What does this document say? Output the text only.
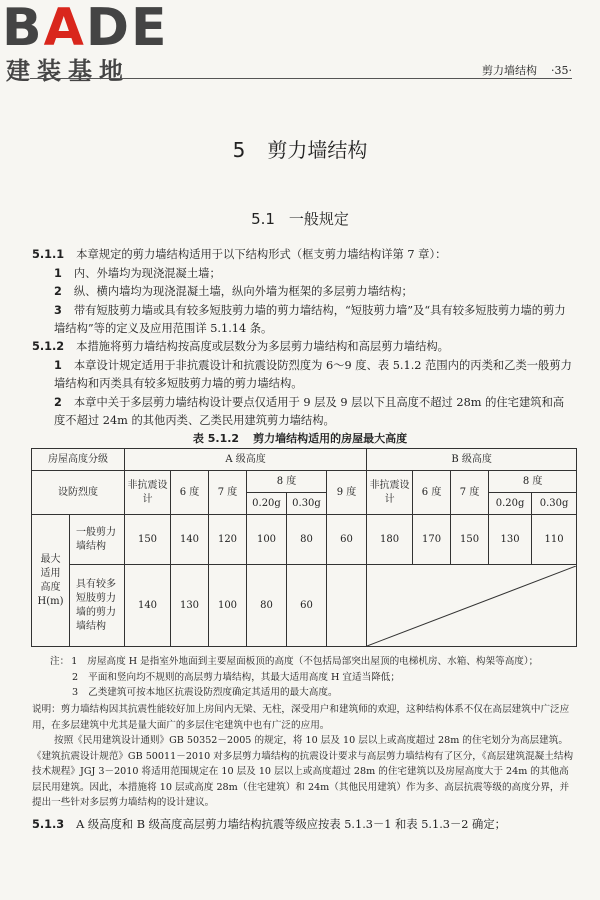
BADE
建装基地	剪力墙结构 ·35·
5 剪力墙结构
5.1 一般规定
5.1.1 本章规定的剪力墙结构适用于以下结构形式（框支剪力墙结构详第 7 章）：
1 内、外墙均为现浇混凝土墙；
2 纵、横内墙均为现浇混凝土墙，纵向外墙为框架的多层剪力墙结构；
3 带有短肢剪力墙或具有较多短肢剪力墙的剪力墙结构，“短肢剪力墙”及“具有较多短肢剪力墙的剪力墙结构”等的定义及应用范围详 5.1.14 条。
5.1.2 本措施将剪力墙结构按高度或层数分为多层剪力墙结构和高层剪力墙结构。
1 本章设计规定适用于非抗震设计和抗震设防烈度为 6～9 度、表 5.1.2 范围内的丙类和乙类一般剪力墙结构和丙类具有较多短肢剪力墙的剪力墙结构。
2 本章中关于多层剪力墙结构设计要点仅适用于 9 层及 9 层以下且高度不超过 28m 的住宅建筑和高度不超过 24m 的其他丙类、乙类民用建筑剪力墙结构。
表 5.1.2 剪力墙结构适用的房屋最大高度
房屋高度分级		A 级高度						B 级高度				
设防烈度		非抗震设计	6 度	7 度	8 度		9 度	非抗震设计	6 度	7 度	8 度	
					0.20g	0.30g					0.20g	0.30g

最大适用高度H(m)	一般剪力墙结构	150	140	120	100	80	60	180	170	150	130	110

	具有较多短肢剪力墙的剪力墙结构	140	130	100	80	60		
注： 1 房屋高度 H 是指室外地面到主要屋面板顶的高度（不包括局部突出屋顶的电梯机房、水箱、构架等高度）；
2 平面和竖向均不规则的高层剪力墙结构，其最大适用高度 H 宜适当降低；
3 乙类建筑可按本地区抗震设防烈度确定其适用的最大高度。
说明：剪力墙结构因其抗震性能较好加上房间内无梁、无柱，深受用户和建筑师的欢迎，这种结构体系不仅在高层建筑中广泛应用，在多层建筑中尤其是量大面广的多层住宅建筑中也有广泛的应用。
按照《民用建筑设计通则》GB 50352－2005 的规定，将 10 层及 10 层以上或高度超过 28m 的住宅划分为高层建筑。《建筑抗震设计规范》GB 50011－2010 对多层剪力墙结构的抗震设计要求与高层剪力墙结构有了区分，《高层建筑混凝土结构技术规程》JGJ 3－2010 将适用范围规定在 10 层及 10 层以上或高度超过 28m 的住宅建筑以及房屋高度大于 24m 的其他高层民用建筑。因此，本措施将 10 层或高度 28m（住宅建筑）和 24m（其他民用建筑）作为多、高层抗震等级的高度分界，并提出一些针对多层剪力墙结构的设计建议。
5.1.3 A 级高度和 B 级高度高层剪力墙结构抗震等级应按表 5.1.3－1 和表 5.1.3－2 确定；
